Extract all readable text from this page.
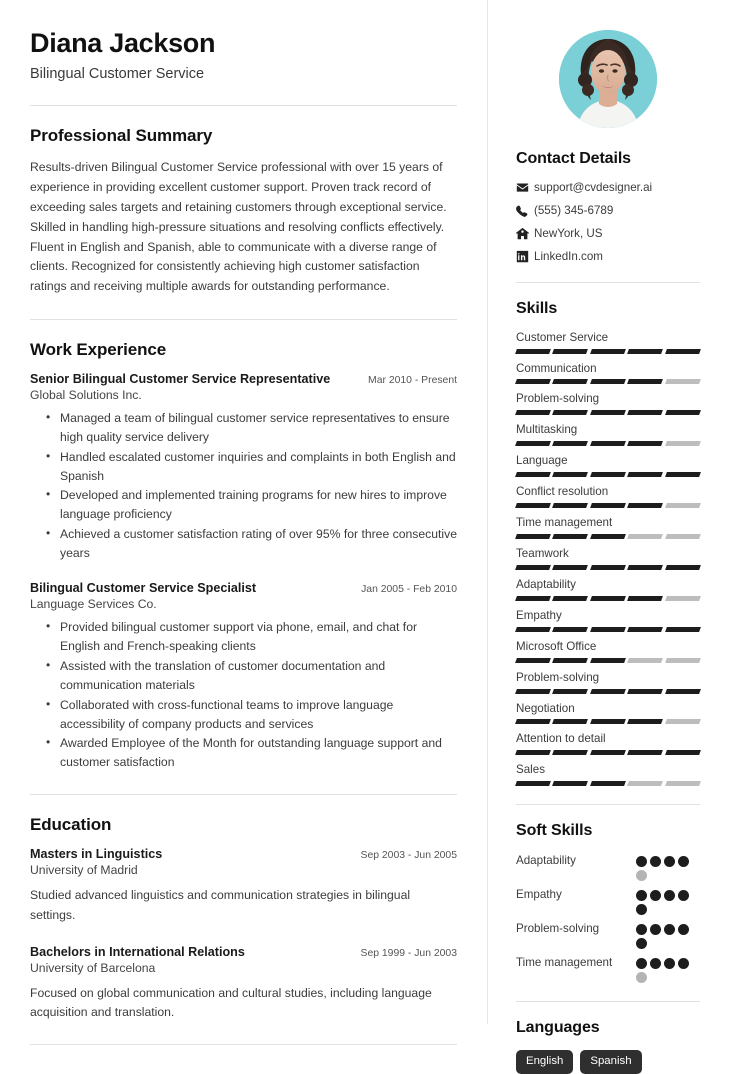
Diana Jackson
Bilingual Customer Service
Professional Summary
Results-driven Bilingual Customer Service professional with over 15 years of experience in providing excellent customer support. Proven track record of exceeding sales targets and retaining customers through exceptional service. Skilled in handling high-pressure situations and resolving conflicts effectively. Fluent in English and Spanish, able to communicate with a diverse range of clients. Recognized for consistently achieving high customer satisfaction ratings and receiving multiple awards for outstanding performance.
Work Experience
Senior Bilingual Customer Service Representative	Mar 2010 - Present
Global Solutions Inc.
• Managed a team of bilingual customer service representatives to ensure high quality service delivery
• Handled escalated customer inquiries and complaints in both English and Spanish
• Developed and implemented training programs for new hires to improve language proficiency
• Achieved a customer satisfaction rating of over 95% for three consecutive years
Bilingual Customer Service Specialist	Jan 2005 - Feb 2010
Language Services Co.
• Provided bilingual customer support via phone, email, and chat for English and French-speaking clients
• Assisted with the translation of customer documentation and communication materials
• Collaborated with cross-functional teams to improve language accessibility of company products and services
• Awarded Employee of the Month for outstanding language support and customer satisfaction
Education
Masters in Linguistics	Sep 2003 - Jun 2005
University of Madrid
Studied advanced linguistics and communication strategies in bilingual settings.
Bachelors in International Relations	Sep 1999 - Jun 2003
University of Barcelona
Focused on global communication and cultural studies, including language acquisition and translation.
Contact Details
support@cvdesigner.ai
(555) 345-6789
NewYork, US
LinkedIn.com
Skills
Customer Service
Communication
Problem-solving
Multitasking
Language
Conflict resolution
Time management
Teamwork
Adaptability
Empathy
Microsoft Office
Problem-solving
Negotiation
Attention to detail
Sales
Soft Skills
Adaptability
Empathy
Problem-solving
Time management
Languages
English	Spanish
